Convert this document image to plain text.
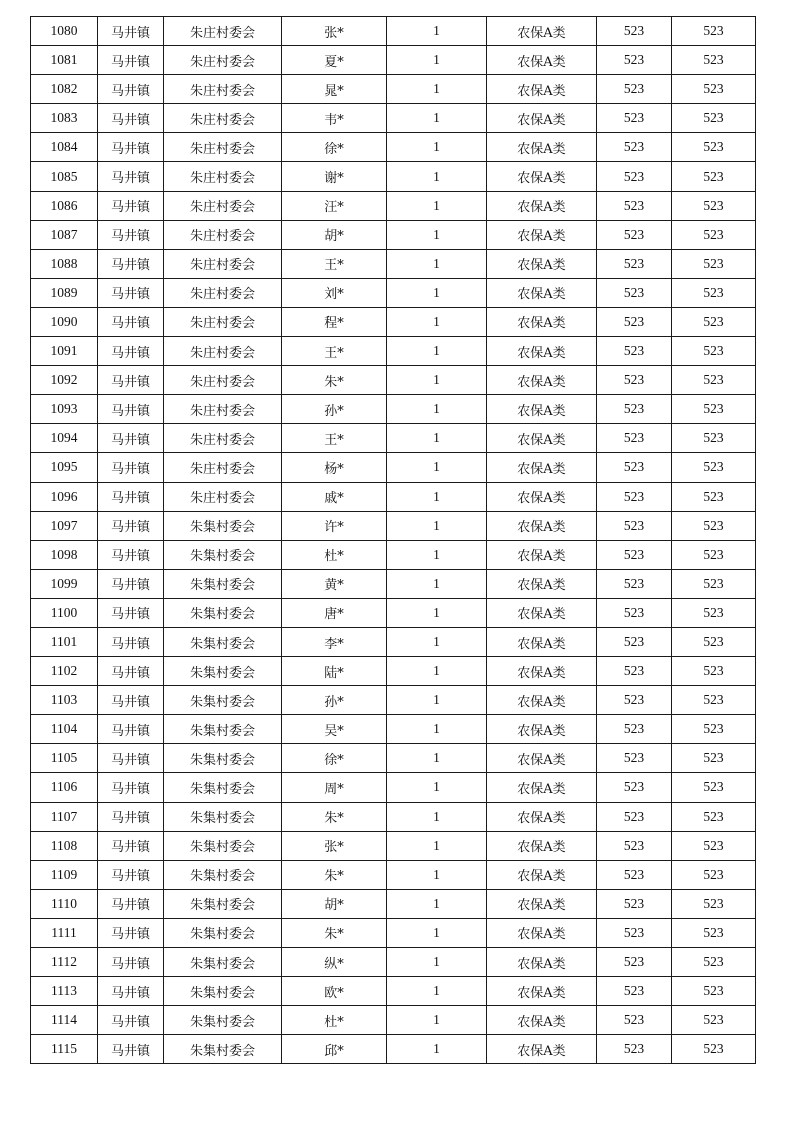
1080	马井镇	朱庄村委会	张*	1	农保A类	523	523
1081	马井镇	朱庄村委会	夏*	1	农保A类	523	523
1082	马井镇	朱庄村委会	晁*	1	农保A类	523	523
1083	马井镇	朱庄村委会	韦*	1	农保A类	523	523
1084	马井镇	朱庄村委会	徐*	1	农保A类	523	523
1085	马井镇	朱庄村委会	谢*	1	农保A类	523	523
1086	马井镇	朱庄村委会	汪*	1	农保A类	523	523
1087	马井镇	朱庄村委会	胡*	1	农保A类	523	523
1088	马井镇	朱庄村委会	王*	1	农保A类	523	523
1089	马井镇	朱庄村委会	刘*	1	农保A类	523	523
1090	马井镇	朱庄村委会	程*	1	农保A类	523	523
1091	马井镇	朱庄村委会	王*	1	农保A类	523	523
1092	马井镇	朱庄村委会	朱*	1	农保A类	523	523
1093	马井镇	朱庄村委会	孙*	1	农保A类	523	523
1094	马井镇	朱庄村委会	王*	1	农保A类	523	523
1095	马井镇	朱庄村委会	杨*	1	农保A类	523	523
1096	马井镇	朱庄村委会	戚*	1	农保A类	523	523
1097	马井镇	朱集村委会	许*	1	农保A类	523	523
1098	马井镇	朱集村委会	杜*	1	农保A类	523	523
1099	马井镇	朱集村委会	黄*	1	农保A类	523	523
1100	马井镇	朱集村委会	唐*	1	农保A类	523	523
1101	马井镇	朱集村委会	李*	1	农保A类	523	523
1102	马井镇	朱集村委会	陆*	1	农保A类	523	523
1103	马井镇	朱集村委会	孙*	1	农保A类	523	523
1104	马井镇	朱集村委会	吴*	1	农保A类	523	523
1105	马井镇	朱集村委会	徐*	1	农保A类	523	523
1106	马井镇	朱集村委会	周*	1	农保A类	523	523
1107	马井镇	朱集村委会	朱*	1	农保A类	523	523
1108	马井镇	朱集村委会	张*	1	农保A类	523	523
1109	马井镇	朱集村委会	朱*	1	农保A类	523	523
1110	马井镇	朱集村委会	胡*	1	农保A类	523	523
1111	马井镇	朱集村委会	朱*	1	农保A类	523	523
1112	马井镇	朱集村委会	纵*	1	农保A类	523	523
1113	马井镇	朱集村委会	欧*	1	农保A类	523	523
1114	马井镇	朱集村委会	杜*	1	农保A类	523	523
1115	马井镇	朱集村委会	邱*	1	农保A类	523	523
